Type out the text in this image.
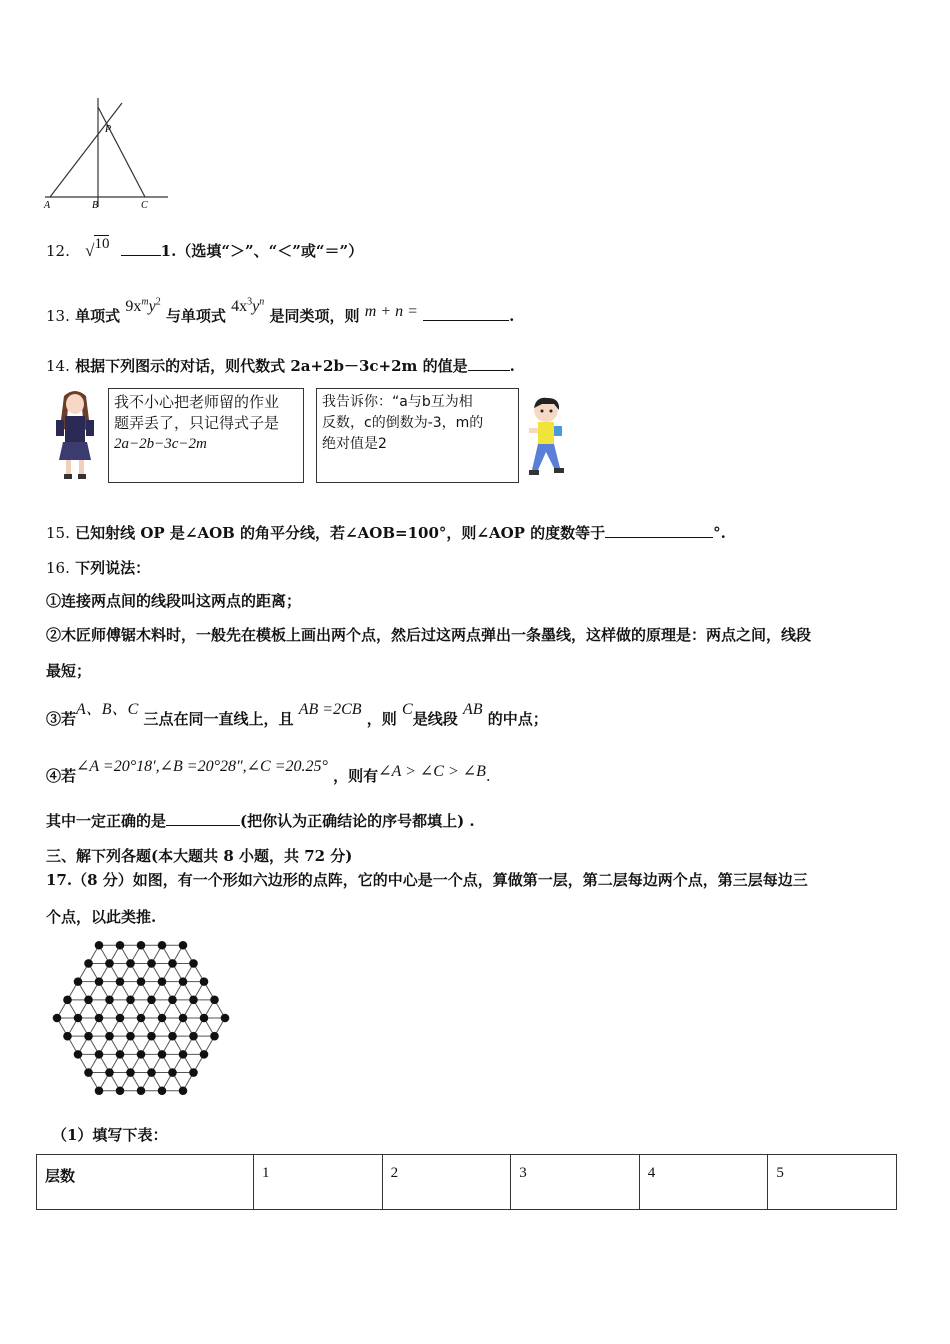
P
A	B	C
12. √10	1.（选填“＞”、“＜”或“＝”）
13. 单项式 $9x^my^2$ 与单项式 $4x^3y^n$ 是同类项，则 m + n =	.
14. 根据下列图示的对话，则代数式 2a+2b－3c+2m 的值是	.
我不小心把老师留的作业
题弄丢了，只记得式子是
2a−2b−3c−2m
我告诉你：“a与b互为相
反数，c的倒数为-3，m的
绝对值是2
15. 已知射线 OP 是∠AOB 的角平分线，若∠AOB=100°，则∠AOP 的度数等于	°.
16. 下列说法：
①连接两点间的线段叫这两点的距离；
②木匠师傅锯木料时，一般先在模板上画出两个点，然后过这两点弹出一条墨线，这样做的原理是：两点之间，线段
最短；
③若A、B、C 三点在同一直线上，且 AB =2CB ，则 C是线段 AB 的中点；
④若∠A =20°18′,∠B =20°28″,∠C =20.25° ，则有∠A > ∠C > ∠B.
其中一定正确的是	(把你认为正确结论的序号都填上) .
三、解下列各题(本大题共 8 小题，共 72 分)
17.（8 分）如图，有一个形如六边形的点阵，它的中心是一个点，算做第一层，第二层每边两个点，第三层每边三
个点，以此类推.
（1）填写下表：
层数	1	2	3	4	5
